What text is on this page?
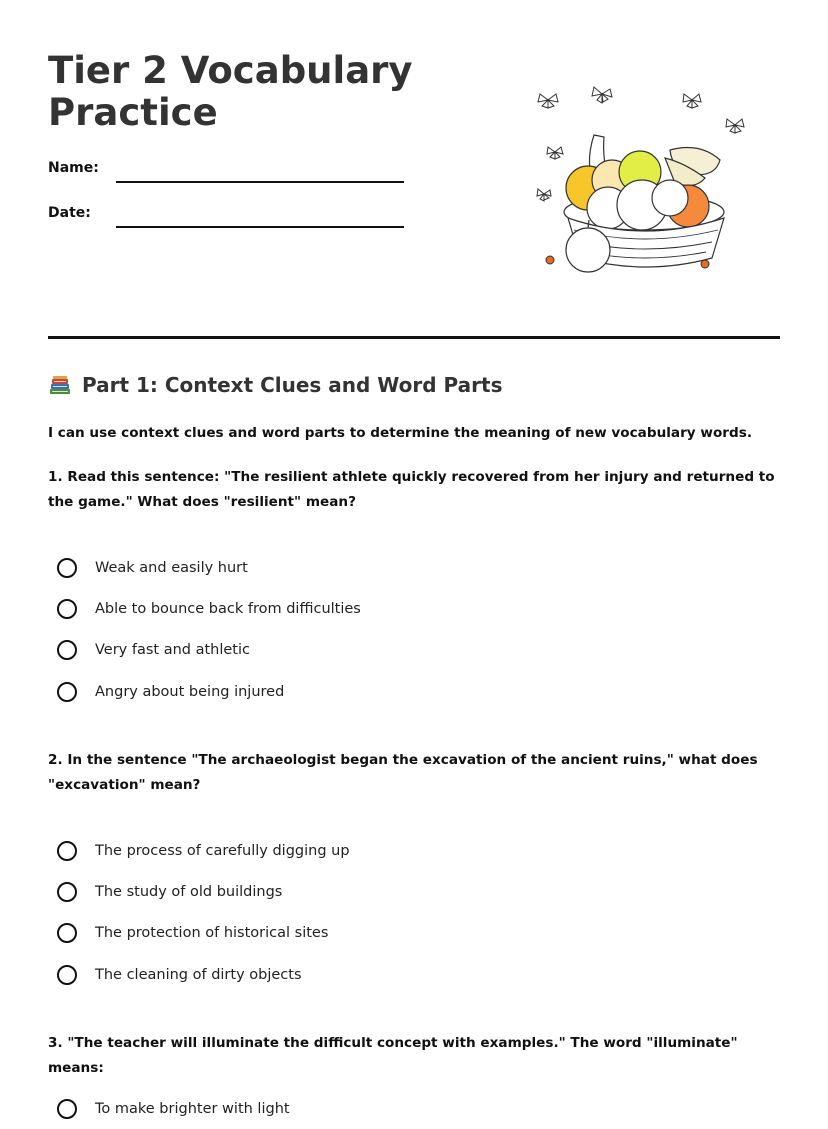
Tier 2 Vocabulary Practice
Name:
Date:
Part 1: Context Clues and Word Parts

I can use context clues and word parts to determine the meaning of new vocabulary words.

1. Read this sentence: "The resilient athlete quickly recovered from her injury and returned to the game." What does "resilient" mean?

Weak and easily hurt
Able to bounce back from difficulties
Very fast and athletic
Angry about being injured

2. In the sentence "The archaeologist began the excavation of the ancient ruins," what does "excavation" mean?

The process of carefully digging up
The study of old buildings
The protection of historical sites
The cleaning of dirty objects

3. "The teacher will illuminate the difficult concept with examples." The word "illuminate" means:

To make brighter with light
